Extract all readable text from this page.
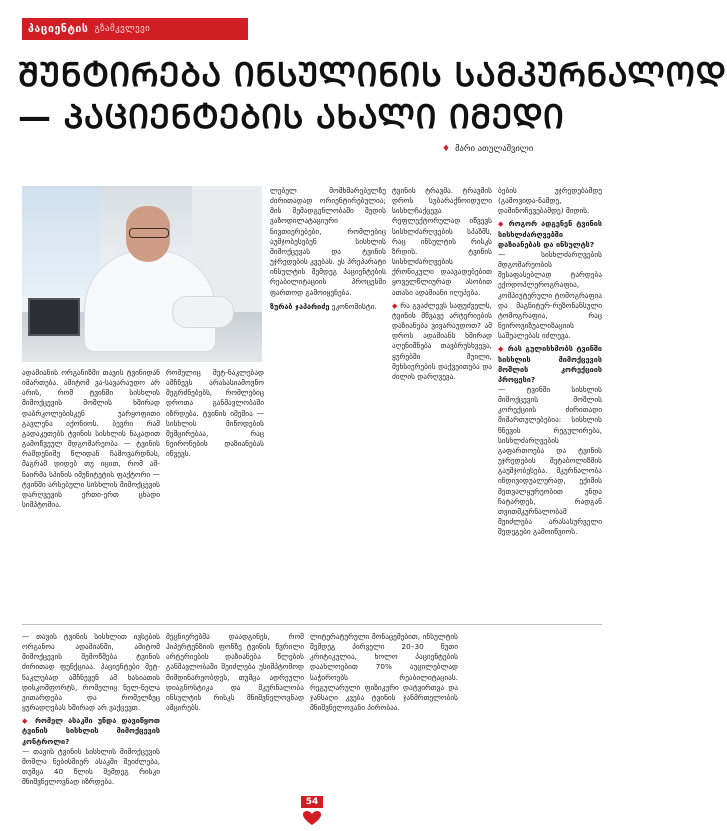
პაციენტის გზამკვლევი
ᲨᲣᲜᲢᲘᲠᲔᲑᲐ ᲘᲜᲡᲣᲚᲘᲜᲘᲡ ᲡᲐᲛᲙᲣᲠᲜᲐᲚᲝᲓ
— ᲞᲐᲪᲘᲔᲜᲢᲔᲑᲘᲡ ᲐᲮᲐᲚᲘ ᲘᲛᲔᲓᲘ
♦ მარი ათულაშვილი

ადამიანის ორგანიზმი თავის ტვინიდან იმართება. ამიტომ ვა-სავარაუდო არ არის, რომ ტვინში სისხლის მიმოქცევის მოშლის ხშირად დაბრკოლებისკენ უარყოფითი გავლენა იქონიოს. ბევრი რამ გადაკეთებს ტვინის სისხლის ნაკადით გამოწვეულ მდგომარეობა — ტვინის რამდენიმე წლიდან ჩამოვარდნას, მაგრამ დიდებ თუ იცით, რომ ამ-ნაირმა სპინის იმუნიტეტის ფაქტორი — ტვინში არსებული სისხლის მიმოქცევის დარღვევის ერთი-ერთ ცხადი სიმპტომია.

ლებელ მომხმარებელზე ძირითადად ორიენტირებულია; მის შემადგენლობაში შედის ვაზოდილატაციური ნივთიერებები, რომლებიც აუმჯობესებენ სისხლის მიმოქცევას და ტვინის უჯრედების კვებას. ეს პრეპარატი ინსულტის შემდეგ პაციენტების რეაბილიტაციის პროცესში ფართოდ გამოიყენება.

ზურაბ ჯაპარიძე ეკონომისტი.

რომელიც მეტ-ნაკლებად ამჩნევს არასასიამოვნო შეგრძნებებს, რომლებიც დროთა განმავლობაში იზრდება. ტვინის იშემია — სისხლის მიწოდების შემცირებაა, რაც ნეირონების დაზიანებას იწვევს.

ტვინის ტრავმა. ტრავმის დროს სუბარაქნოიდული სისხლჩაქცევა რეფლექტორულად იწვევს სისხლძარღვების სპაზმს, რაც ინსულტის რისკს ზრდის. ტვინის სისხლძარღვების ქრონიკული დაავადებებით ყოველწლიურად ასობით ათასი ადამიანი იღუპება.

◆ რა გვაძლევს საფუძველს, ტვინის მწვავე არტერიების დაზიანება ვივარაუდოთ? ამ დროს ადამიანს ხშირად აღენიშნება თავბრუსხვევა, ყურებში შუილი, მეხსიერების დაქვეითება და ძილის დარღვევა.

ბების უჯრედებამდე (გამოვიდა-ნამდე, დამინოჩევებამდე) მიდის.

◆ როგორ ადგენენ ტვინის სისხლძარღვებში დაზიანებას და ინსულტს?

— სისხლძარღვების მდგომარეობის შესაფასებლად ტარდება ექოდოპლეროგრაფია, კომპიუტერული ტომოგრაფია და მაგნიტურ-რეზონანსული ტომოგრაფია, რაც ნეიროვიზუალიზაციის საშუალებას იძლევა.

◆ რას გულისხმობს ტვინში სისხლის მიმოქცევის მოშლის კორექციის პროცესი?

— ტვინში სისხლის მიმოქცევის მოშლის კორექციის ძირითადი მიმართულებებია: სისხლის წნევის რეგულირება, სისხლძარღვების გაფართოება და ტვინის უჯრედების მეტაბოლიზმის გაუმჯობესება. მკურნალობა ინდივიდუალურად, ექიმის მეთვალყურეობით უნდა ჩატარდეს, რადგან თვითმკურნალობამ შეიძლება არასასურველი შედეგები გამოიწვიოს.

— თავის ტვინის სისხლით ივსების ორგანოა ადამიანში, ამიტომ მიმოქცევის შემოწმება ტვინის ძირითად ფუნქციაა. პაციენტები მეტ-ნაკლებად ამჩნევენ ამ ხასიათის დისკომფორტს, რომელიც ნელ-ნელა ვითარდება და რომელზეც ყურადღებას ხშირად არ ვაქცევთ.

◆ რომელ ასაკში უნდა დავიწყოთ ტვინის სისხლის მიმოქცევის კონტროლი?

— თავის ტვინის სისხლის მიმოქცევის მოშლა ნებისმიერ ასაკში შეიძლება, თუმცა 40 წლის შემდეგ რისკი მნიშვნელოვნად იზრდება.

მეცნიერებმა დაადგინეს, რომ ჰიპერტენზიის ფონზე ტვინის წვრილი არტერიების დაზიანება წლების განმავლობაში შეიძლება უსიმპტომოდ მიმდინარეობდეს, თუმცა ადრეული დიაგნოსტიკა და მკურნალობა ინსულტის რისკს მნიშვნელოვნად ამცირებს.

ლიტერატურული მონაცემებით, ინსულტის შემდეგ პირველი 20–30 წუთი კრიტიკულია, ხოლო პაციენტების დაახლოებით 70% აუცილებლად საჭიროებს რეაბილიტაციას. რეგულარული ფიზიკური დატვირთვა და ჯანსაღი კვება ტვინის ჯანმრთელობის მნიშვნელოვანი პირობაა.

54
